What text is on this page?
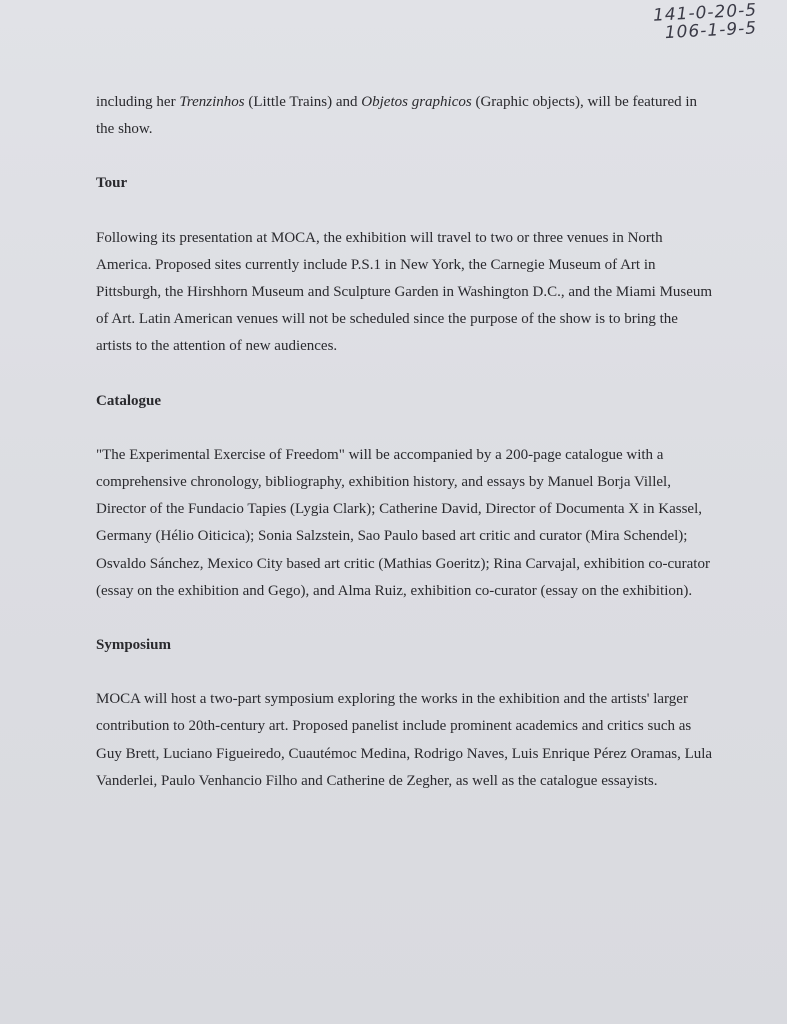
141-0-20-5
106-1-9-5

including her Trenzinhos (Little Trains) and Objetos graphicos (Graphic objects), will be featured in the show.

Tour

Following its presentation at MOCA, the exhibition will travel to two or three venues in North America. Proposed sites currently include P.S.1 in New York, the Carnegie Museum of Art in Pittsburgh, the Hirshhorn Museum and Sculpture Garden in Washington D.C., and the Miami Museum of Art. Latin American venues will not be scheduled since the purpose of the show is to bring the artists to the attention of new audiences.

Catalogue

"The Experimental Exercise of Freedom" will be accompanied by a 200-page catalogue with a comprehensive chronology, bibliography, exhibition history, and essays by Manuel Borja Villel, Director of the Fundacio Tapies (Lygia Clark); Catherine David, Director of Documenta X in Kassel, Germany (Hélio Oiticica); Sonia Salzstein, Sao Paulo based art critic and curator (Mira Schendel); Osvaldo Sánchez, Mexico City based art critic (Mathias Goeritz); Rina Carvajal, exhibition co-curator (essay on the exhibition and Gego), and Alma Ruiz, exhibition co-curator (essay on the exhibition).

Symposium

MOCA will host a two-part symposium exploring the works in the exhibition and the artists' larger contribution to 20th-century art. Proposed panelist include prominent academics and critics such as Guy Brett, Luciano Figueiredo, Cuautémoc Medina, Rodrigo Naves, Luis Enrique Pérez Oramas, Lula Vanderlei, Paulo Venhancio Filho and Catherine de Zegher, as well as the catalogue essayists.
